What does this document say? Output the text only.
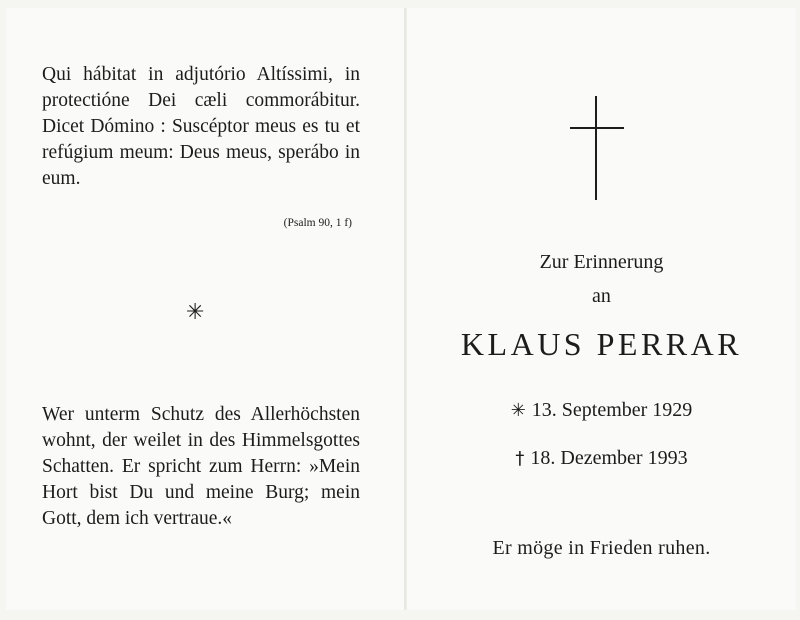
Qui hábitat in adjutório Altíssimi, in protectióne Dei cæli commorábitur. Dicet Dómino : Suscéptor meus es tu et refúgium meum: Deus meus, sperábo in eum.
(Psalm 90, 1 f)
✳
Wer unterm Schutz des Allerhöchsten wohnt, der weilet in des Himmelsgottes Schatten. Er spricht zum Herrn: »Mein Hort bist Du und meine Burg; mein Gott, dem ich vertraue.«
Zur Erinnerung
an
KLAUS PERRAR
✳ 13. September 1929
† 18. Dezember 1993
Er möge in Frieden ruhen.
